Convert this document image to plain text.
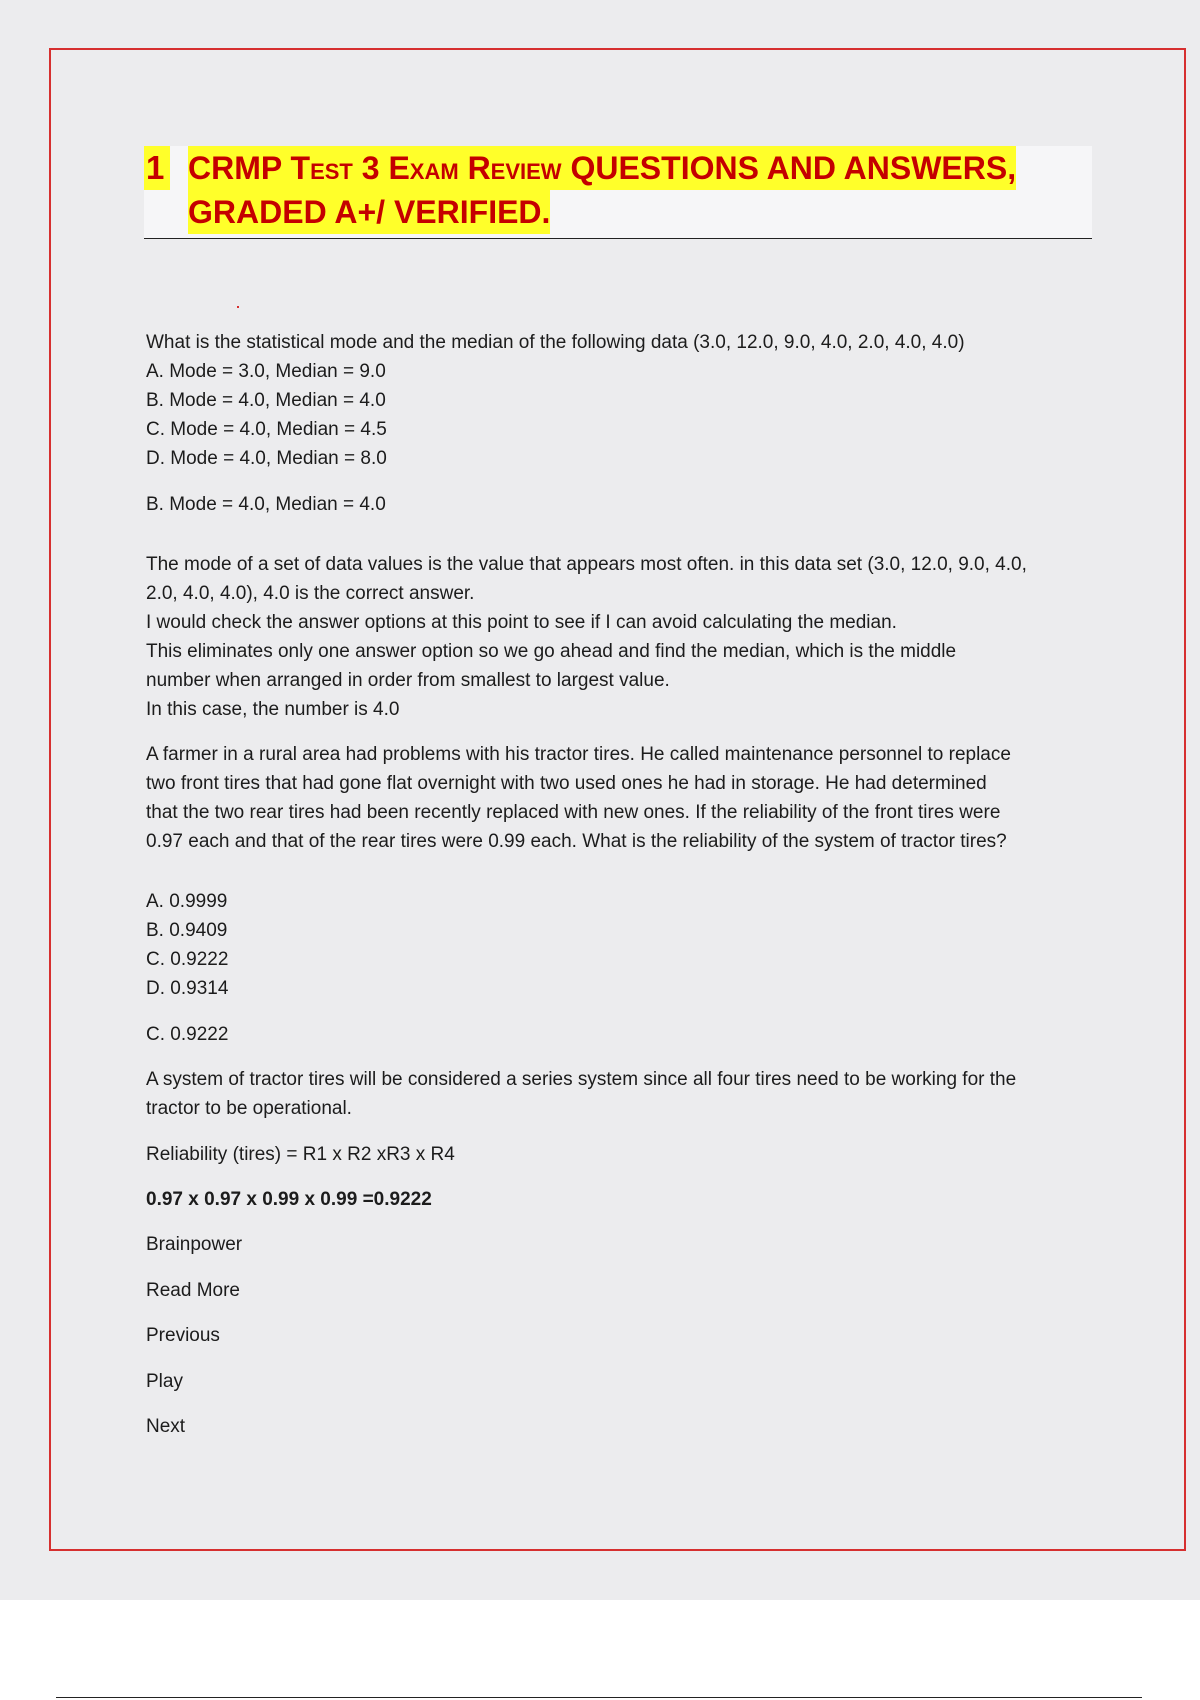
1 CRMP Test 3 Exam Review QUESTIONS AND ANSWERS,
GRADED A+/ VERIFIED.
What is the statistical mode and the median of the following data (3.0, 12.0, 9.0, 4.0, 2.0, 4.0, 4.0)
A. Mode = 3.0, Median = 9.0
B. Mode = 4.0, Median = 4.0
C. Mode = 4.0, Median = 4.5
D. Mode = 4.0, Median = 8.0
B. Mode = 4.0, Median = 4.0
The mode of a set of data values is the value that appears most often. in this data set (3.0, 12.0, 9.0, 4.0,
2.0, 4.0, 4.0), 4.0 is the correct answer.
I would check the answer options at this point to see if I can avoid calculating the median.
This eliminates only one answer option so we go ahead and find the median, which is the middle
number when arranged in order from smallest to largest value.
In this case, the number is 4.0
A farmer in a rural area had problems with his tractor tires. He called maintenance personnel to replace
two front tires that had gone flat overnight with two used ones he had in storage. He had determined
that the two rear tires had been recently replaced with new ones. If the reliability of the front tires were
0.97 each and that of the rear tires were 0.99 each. What is the reliability of the system of tractor tires?
A. 0.9999
B. 0.9409
C. 0.9222
D. 0.9314
C. 0.9222
A system of tractor tires will be considered a series system since all four tires need to be working for the
tractor to be operational.
Reliability (tires) = R1 x R2 xR3 x R4
0.97 x 0.97 x 0.99 x 0.99 =0.9222
Brainpower
Read More
Previous
Play
Next
